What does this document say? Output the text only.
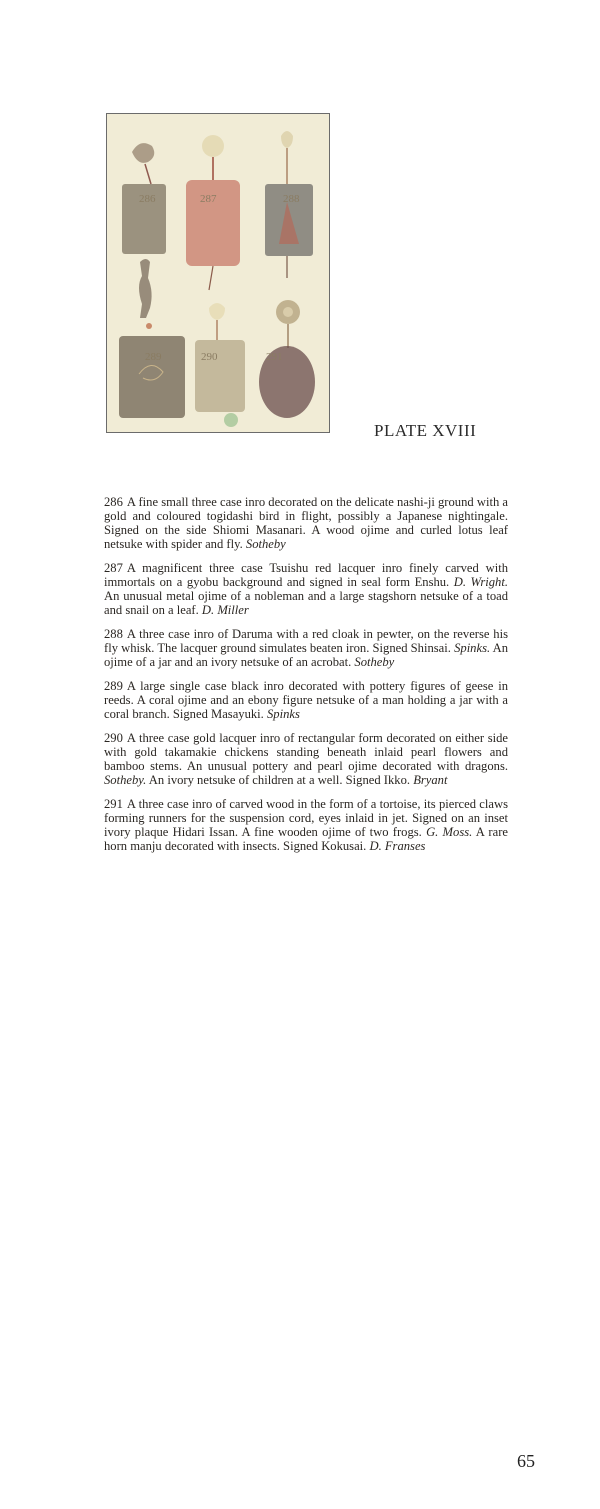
286	287	288
289	290	291
PLATE XVIII

286 A fine small three case inro decorated on the delicate nashi-ji ground with a gold and coloured togidashi bird in flight, possibly a Japanese nightingale. Signed on the side Shiomi Masanari. A wood ojime and curled lotus leaf netsuke with spider and fly. Sotheby

287 A magnificent three case Tsuishu red lacquer inro finely carved with immortals on a gyobu background and signed in seal form Enshu. D. Wright. An unusual metal ojime of a nobleman and a large stagshorn netsuke of a toad and snail on a leaf. D. Miller

288 A three case inro of Daruma with a red cloak in pewter, on the reverse his fly whisk. The lacquer ground simulates beaten iron. Signed Shinsai. Spinks. An ojime of a jar and an ivory netsuke of an acrobat. Sotheby

289 A large single case black inro decorated with pottery figures of geese in reeds. A coral ojime and an ebony figure netsuke of a man holding a jar with a coral branch. Signed Masayuki. Spinks

290 A three case gold lacquer inro of rectangular form decorated on either side with gold takamakie chickens standing beneath inlaid pearl flowers and bamboo stems. An unusual pottery and pearl ojime decorated with dragons. Sotheby. An ivory netsuke of children at a well. Signed Ikko. Bryant

291 A three case inro of carved wood in the form of a tortoise, its pierced claws forming runners for the suspension cord, eyes inlaid in jet. Signed on an inset ivory plaque Hidari Issan. A fine wooden ojime of two frogs. G. Moss. A rare horn manju decorated with insects. Signed Kokusai. D. Franses

65
